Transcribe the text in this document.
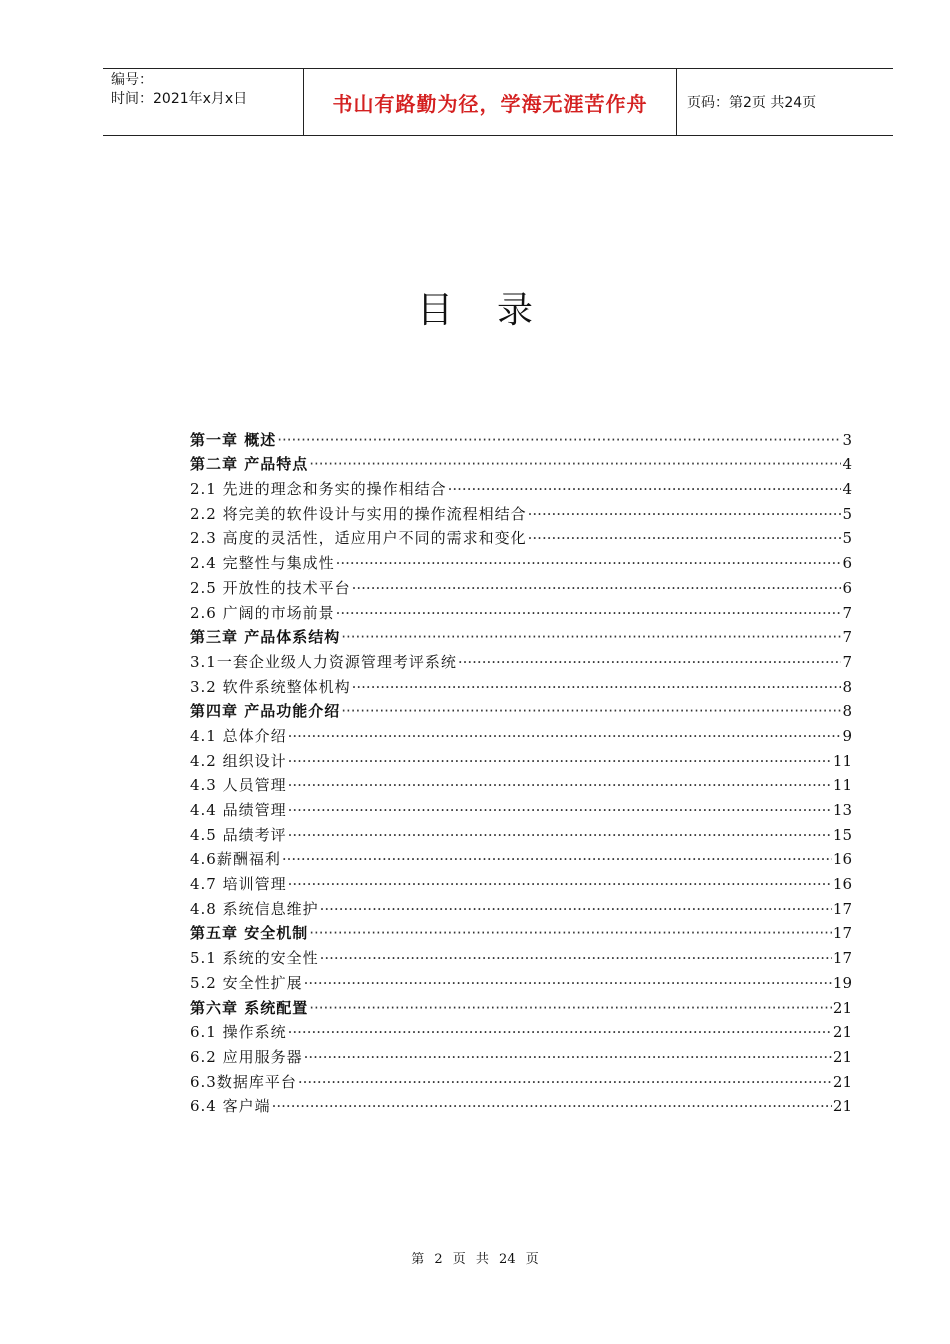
编号：
时间：2021年x月x日	书山有路勤为径，学海无涯苦作舟	页码：第2页 共24页
目录
第一章 概述 ·····	3
第二章 产品特点 ·····	4
2.1 先进的理念和务实的操作相结合 ·····	4
2.2 将完美的软件设计与实用的操作流程相结合 ·····	5
2.3 高度的灵活性，适应用户不同的需求和变化 ·····	5
2.4 完整性与集成性 ·····	6
2.5 开放性的技术平台 ·····	6
2.6 广阔的市场前景 ·····	7
第三章 产品体系结构 ·····	7
3.1一套企业级人力资源管理考评系统 ·····	7
3.2 软件系统整体机构 ·····	8
第四章 产品功能介绍 ·····	8
4.1 总体介绍 ·····	9
4.2 组织设计 ·····	11
4.3 人员管理 ·····	11
4.4 品绩管理 ·····	13
4.5 品绩考评 ·····	15
4.6薪酬福利 ·····	16
4.7 培训管理 ·····	16
4.8 系统信息维护 ·····	17
第五章 安全机制 ·····	17
5.1 系统的安全性 ·····	17
5.2 安全性扩展 ·····	19
第六章 系统配置 ·····	21
6.1 操作系统 ·····	21
6.2 应用服务器 ·····	21
6.3数据库平台 ·····	21
6.4 客户端 ·····	21
第 2 页 共 24 页
